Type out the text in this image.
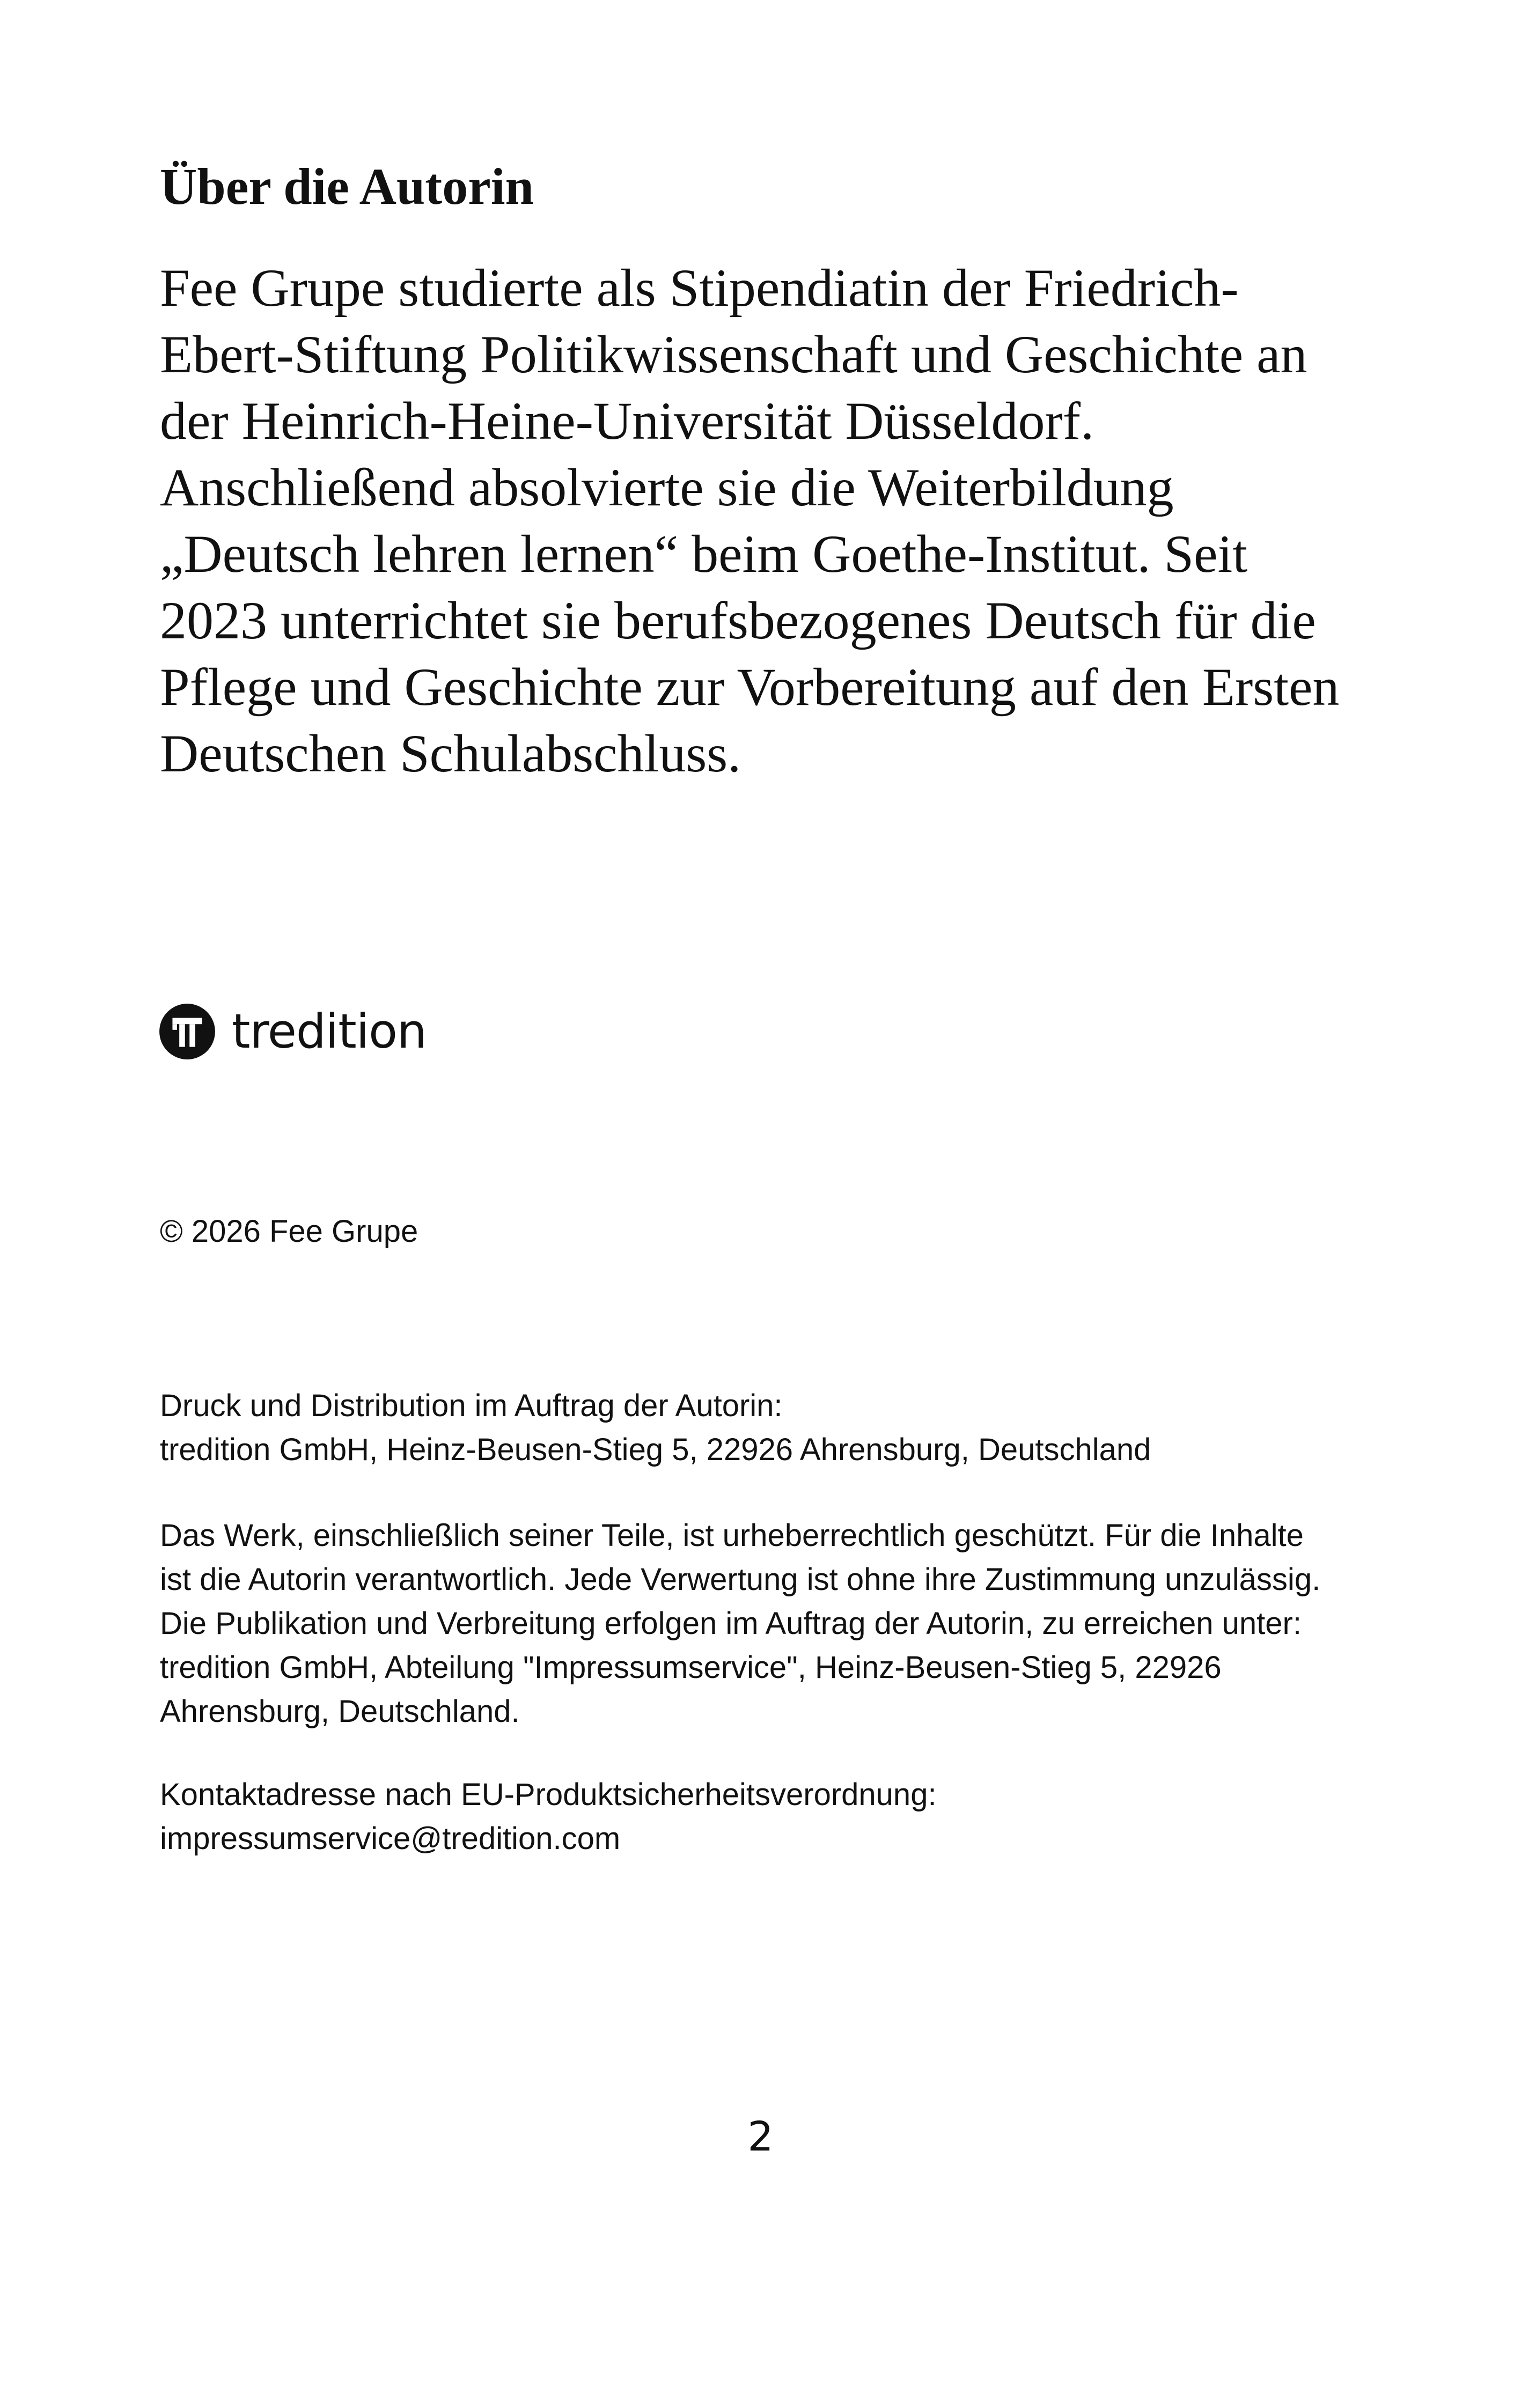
Über die Autorin

Fee Grupe studierte als Stipendiatin der Friedrich-
Ebert-Stiftung Politikwissenschaft und Geschichte an
der Heinrich-Heine-Universität Düsseldorf.
Anschließend absolvierte sie die Weiterbildung
„Deutsch lehren lernen“ beim Goethe-Institut. Seit
2023 unterrichtet sie berufsbezogenes Deutsch für die
Pflege und Geschichte zur Vorbereitung auf den Ersten
Deutschen Schulabschluss.

tredition
© 2026 Fee Grupe
Druck und Distribution im Auftrag der Autorin:
tredition GmbH, Heinz-Beusen-Stieg 5, 22926 Ahrensburg, Deutschland
Das Werk, einschließlich seiner Teile, ist urheberrechtlich geschützt. Für die Inhalte
ist die Autorin verantwortlich. Jede Verwertung ist ohne ihre Zustimmung unzulässig.
Die Publikation und Verbreitung erfolgen im Auftrag der Autorin, zu erreichen unter:
tredition GmbH, Abteilung "Impressumservice", Heinz-Beusen-Stieg 5, 22926
Ahrensburg, Deutschland.
Kontaktadresse nach EU-Produktsicherheitsverordnung:
impressumservice@tredition.com
2
